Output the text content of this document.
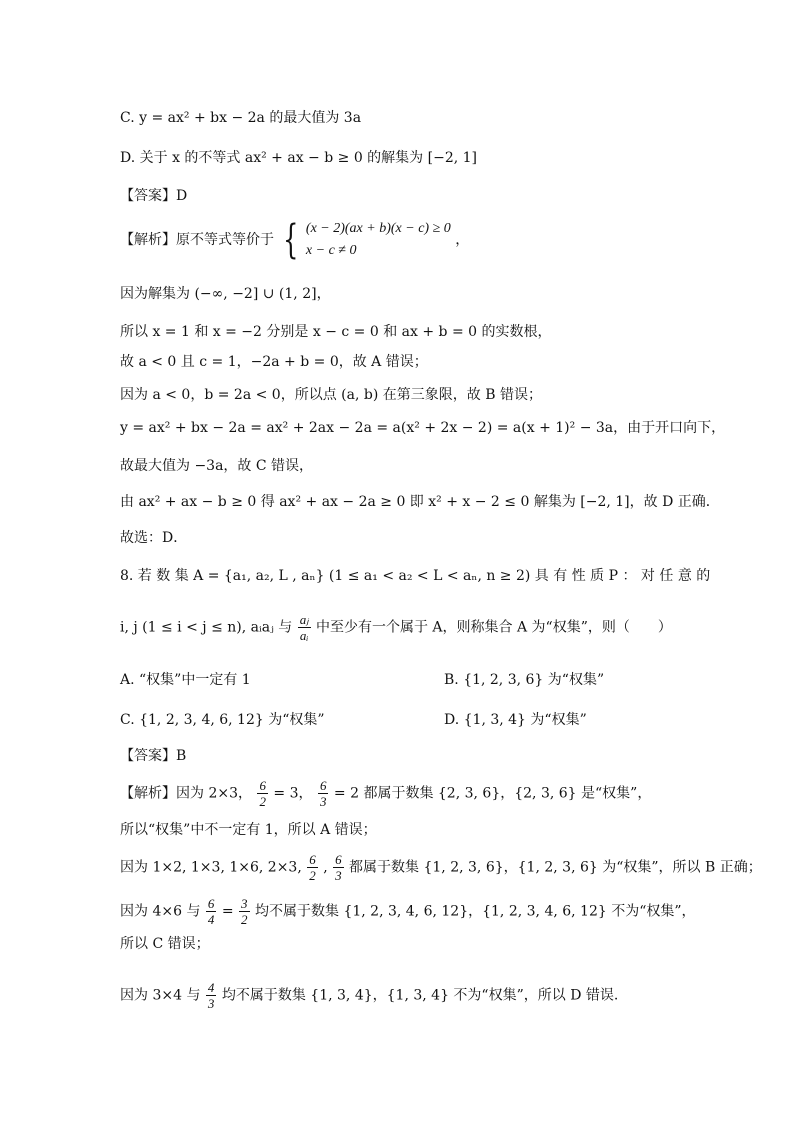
C. y = ax² + bx − 2a 的最大值为 3a
D. 关于 x 的不等式 ax² + ax − b ≥ 0 的解集为 [−2, 1]
【答案】D
【解析】原不等式等价于 { (x − 2)(ax + b)(x − c) ≥ 0
x − c ≠ 0
，
因为解集为 (−∞, −2] ∪ (1, 2]，
所以 x = 1 和 x = −2 分别是 x − c = 0 和 ax + b = 0 的实数根，
故 a < 0 且 c = 1，−2a + b = 0，故 A 错误；
因为 a < 0，b = 2a < 0，所以点 (a, b) 在第三象限，故 B 错误；
y = ax² + bx − 2a = ax² + 2ax − 2a = a(x² + 2x − 2) = a(x + 1)² − 3a，由于开口向下，
故最大值为 −3a，故 C 错误，
由 ax² + ax − b ≥ 0 得 ax² + ax − 2a ≥ 0 即 x² + x − 2 ≤ 0 解集为 [−2, 1]，故 D 正确．
故选：D．
8. 若 数 集 A = {a₁, a₂, L , aₙ} (1 ≤ a₁ < a₂ < L < aₙ, n ≥ 2) 具 有 性 质 P ： 对 任 意 的
i, j (1 ≤ i < j ≤ n), aᵢaⱼ 与 $\frac{\text{aⱼ}}{\text{aᵢ}}$ 中至少有一个属于 A，则称集合 A 为“权集”，则（　　）
A. “权集”中一定有 1	B. {1, 2, 3, 6} 为“权集”
C. {1, 2, 3, 4, 6, 12} 为“权集”	D. {1, 3, 4} 为“权集”
【答案】B
【解析】因为 2×3， $\frac{6}{2} = 3$， $\frac{6}{3} = 2$ 都属于数集 {2, 3, 6}，{2, 3, 6} 是“权集”，
所以“权集”中不一定有 1，所以 A 错误；
因为 1×2, 1×3, 1×6, 2×3, $\frac{6}{2}$ , $\frac{6}{3}$ 都属于数集 {1, 2, 3, 6}，{1, 2, 3, 6} 为“权集”，所以 B 正确；
因为 4×6 与 $\frac{6}{4} = \frac{3}{2}$ 均不属于数集 {1, 2, 3, 4, 6, 12}，{1, 2, 3, 4, 6, 12} 不为“权集”，
所以 C 错误；
因为 3×4 与 $\frac{4}{3}$ 均不属于数集 {1, 3, 4}，{1, 3, 4} 不为“权集”，所以 D 错误.
